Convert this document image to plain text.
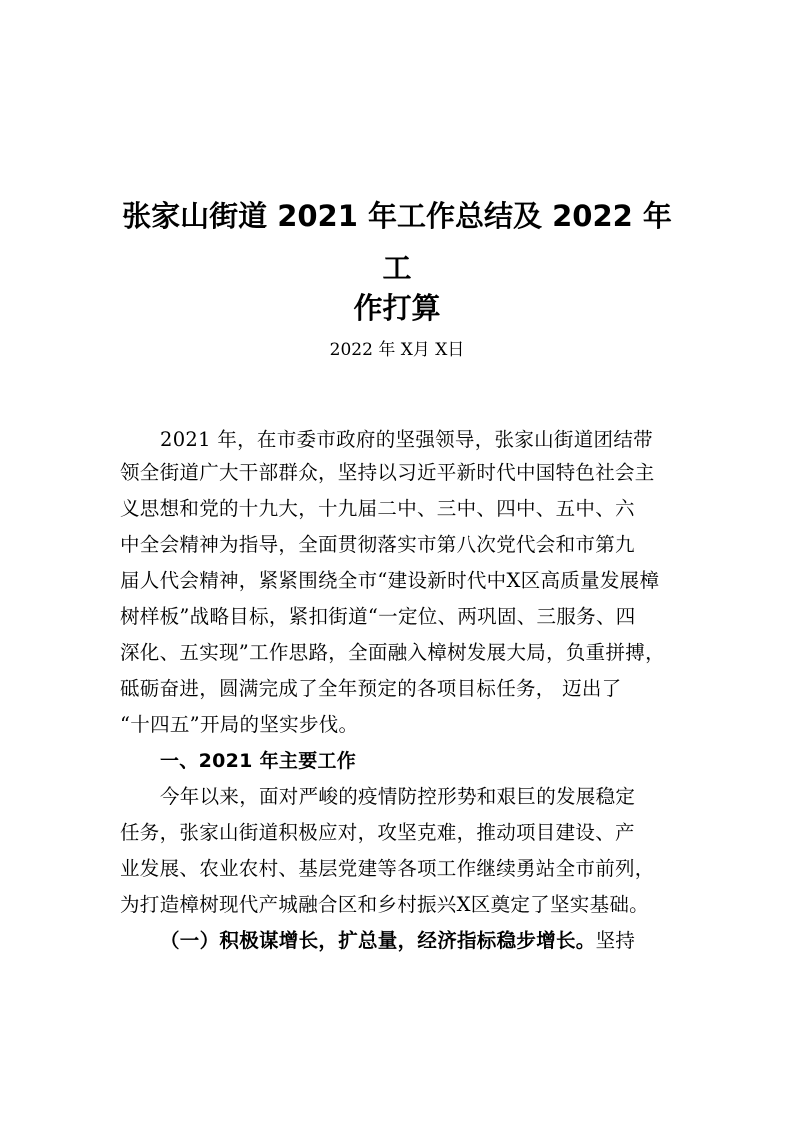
张家山街道 2021 年工作总结及 2022 年
工
作打算
2022 年 X月 X日
2021 年，在市委市政府的坚强领导，张家山街道团结带
领全街道广大干部群众，坚持以习近平新时代中国特色社会主
义思想和党的十九大，十九届二中、三中、四中、五中、六
中全会精神为指导，全面贯彻落实市第八次党代会和市第九
届人代会精神，紧紧围绕全市“建设新时代中X区高质量发展樟
树样板”战略目标，紧扣街道“一定位、两巩固、三服务、四
深化、五实现”工作思路，全面融入樟树发展大局，负重拼搏，
砥砺奋进，圆满完成了全年预定的各项目标任务， 迈出了
“十四五”开局的坚实步伐。
一、2021 年主要工作
今年以来，面对严峻的疫情防控形势和艰巨的发展稳定
任务，张家山街道积极应对，攻坚克难，推动项目建设、产
业发展、农业农村、基层党建等各项工作继续勇站全市前列，
为打造樟树现代产城融合区和乡村振兴X区奠定了坚实基础。
（一）积极谋增长，扩总量，经济指标稳步增长。坚持
